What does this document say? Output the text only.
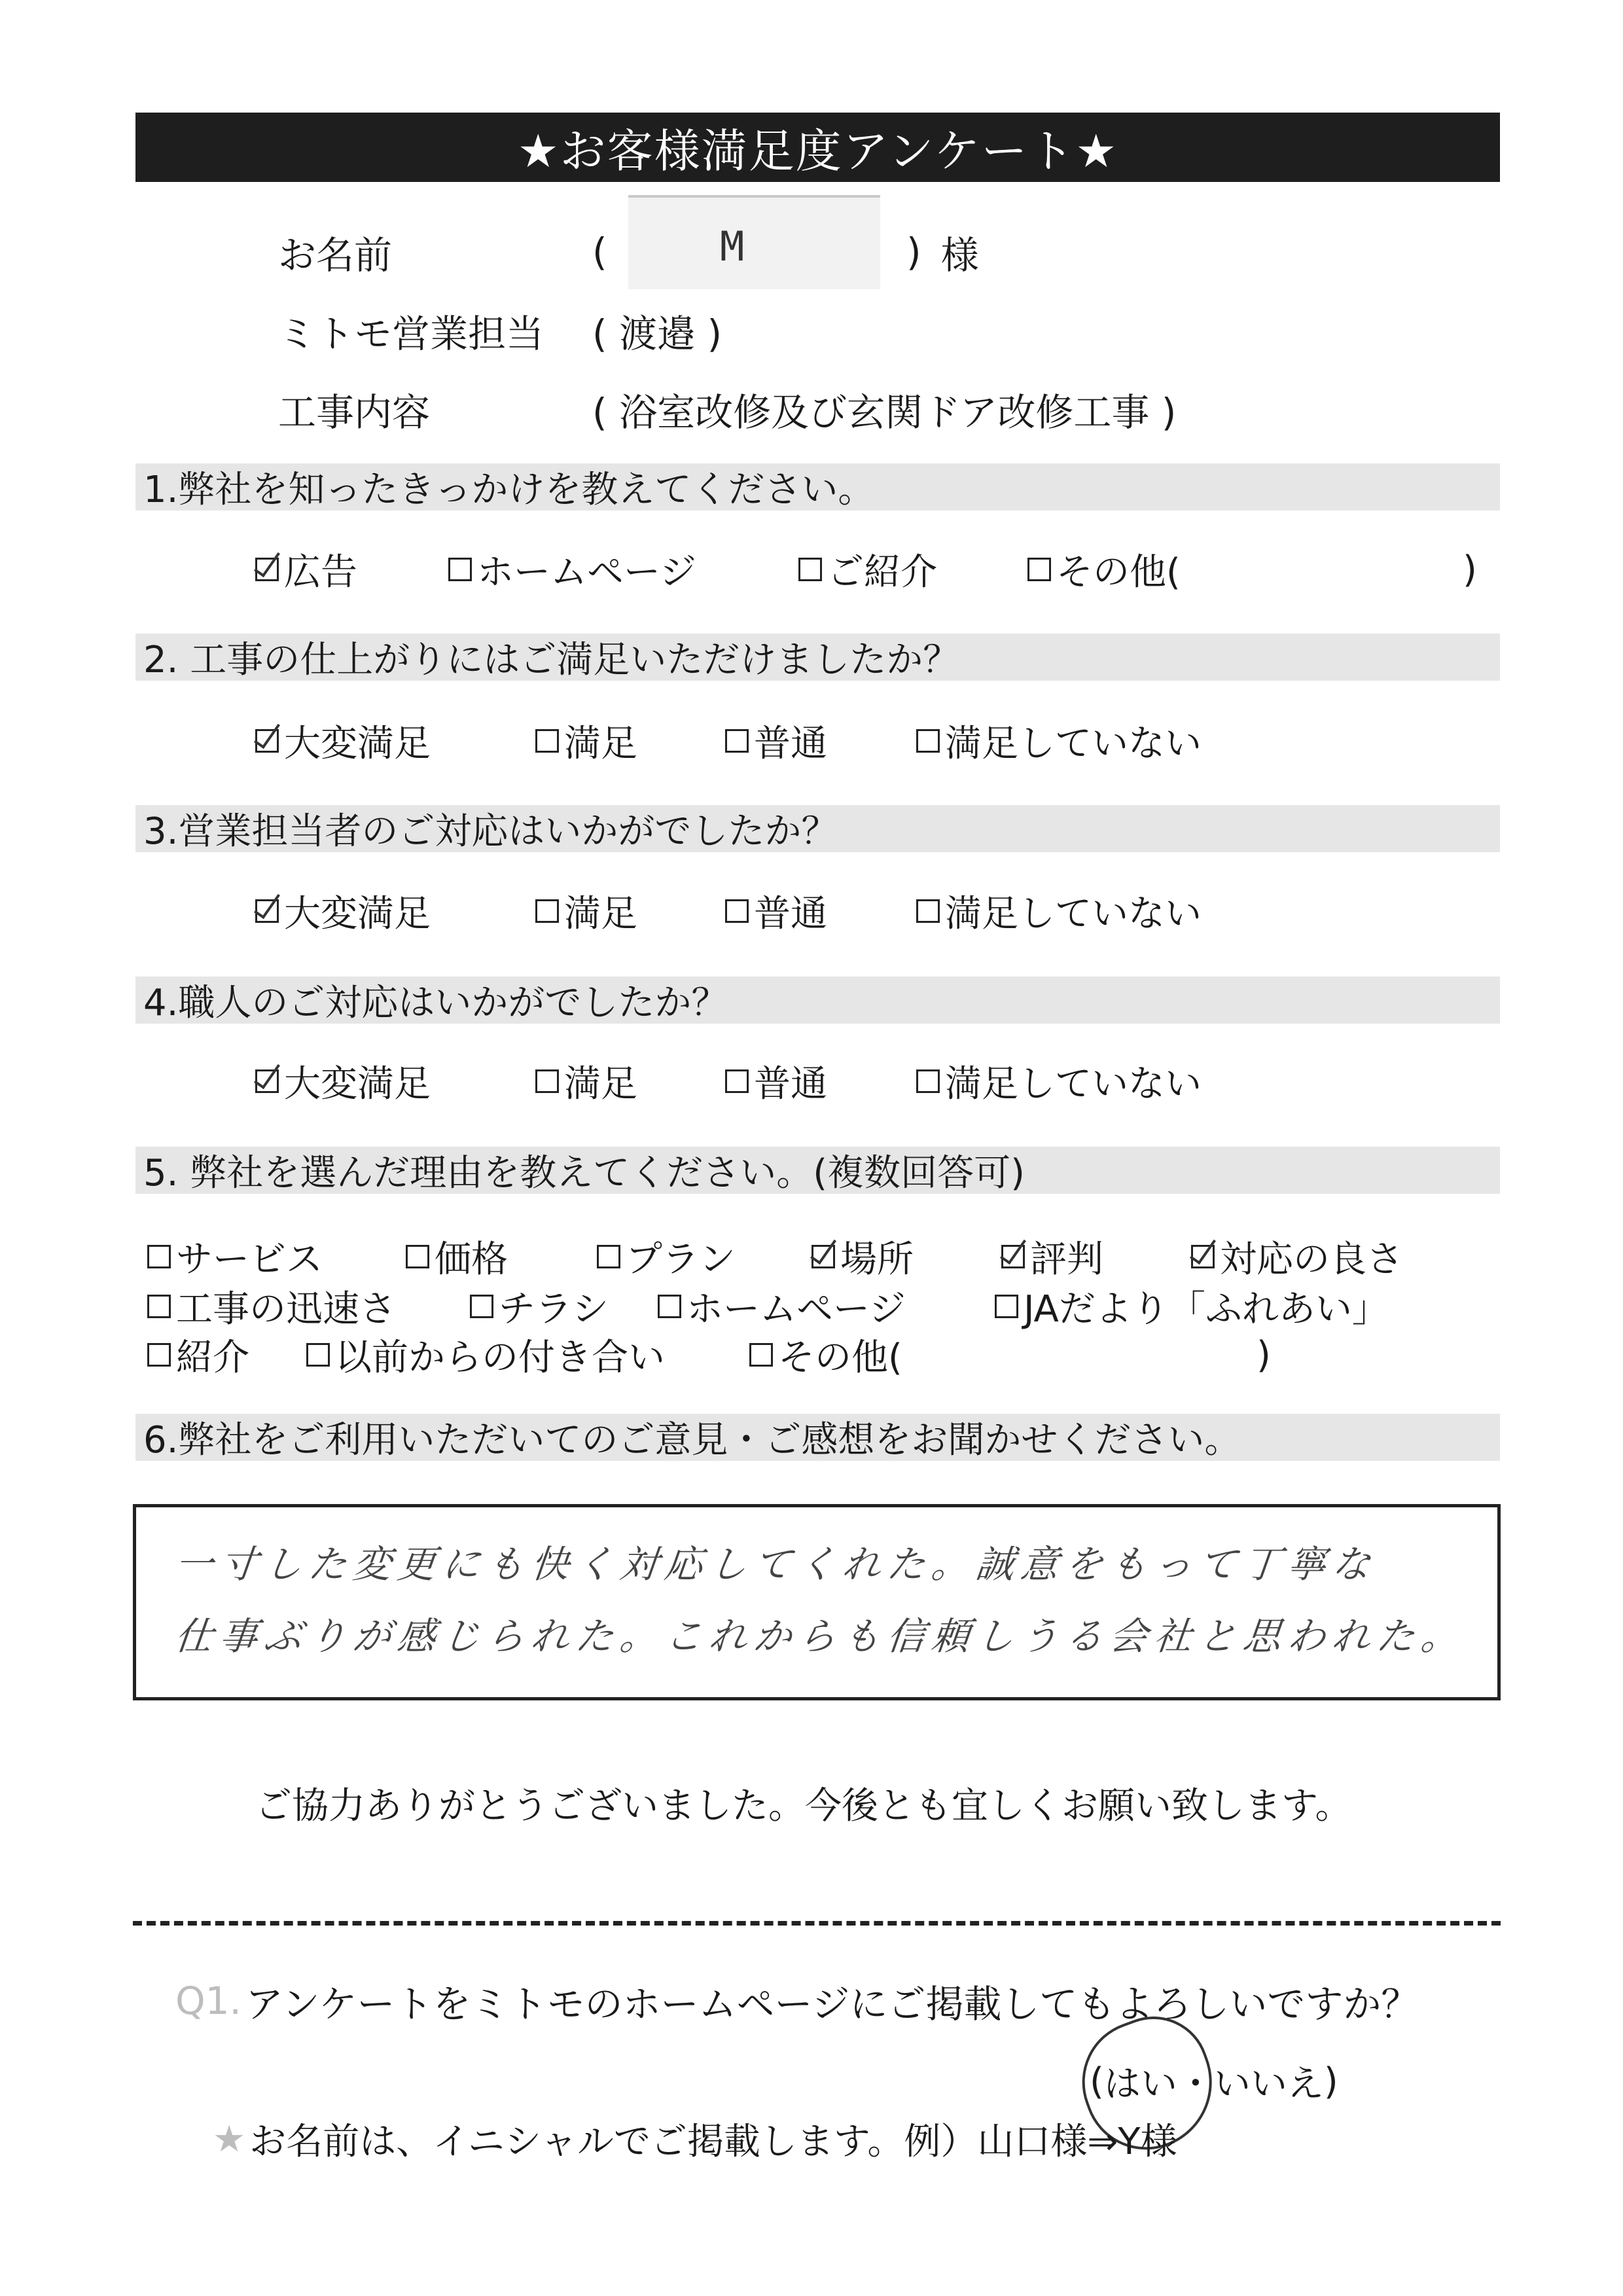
★お客様満足度アンケート★
お名前	(	M	) 様
ミトモ営業担当	( 渡邉 )
工事内容	( 浴室改修及び玄関ドア改修工事 )
1.弊社を知ったきっかけを教えてください。
広告	ホームページ	ご紹介	その他(	)
2. 工事の仕上がりにはご満足いただけましたか？
大変満足	満足	普通	満足していない
3.営業担当者のご対応はいかがでしたか？
大変満足	満足	普通	満足していない
4.職人のご対応はいかがでしたか？
大変満足	満足	普通	満足していない
5. 弊社を選んだ理由を教えてください。(複数回答可)
サービス	価格	プラン	場所	評判	対応の良さ
工事の迅速さ	チラシ ホームページ	JAだより「ふれあい」
紹介 以前からの付き合い	その他(	)
6.弊社をご利用いただいてのご意見・ご感想をお聞かせください。
一寸した変更にも快く対応してくれた。誠意をもって丁寧な
仕事ぶりが感じられた。これからも信頼しうる会社と思われた。
ご協力ありがとうございました。今後とも宜しくお願い致します。
Q1. アンケートをミトモのホームページにご掲載してもよろしいですか？
( はい ・ いいえ )
★ お名前は、イニシャルでご掲載します。例）山口様⇒Y様
